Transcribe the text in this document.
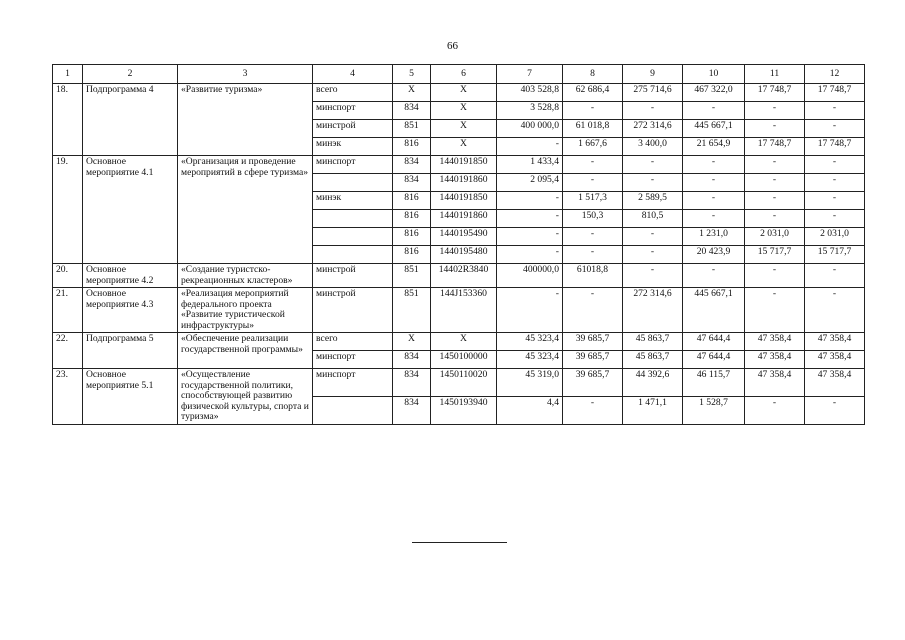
66
1	2	3	4	5	6	7	8	9	10	11	12
18.	Подпрограмма 4	«Развитие туризма»	всего	X	X	403 528,8	62 686,4	275 714,6	467 322,0	17 748,7	17 748,7
			минспорт	834	X	3 528,8	-	-	-	-	-
			минстрой	851	X	400 000,0	61 018,8	272 314,6	445 667,1	-	-
			минэк	816	X	-	1 667,6	3 400,0	21 654,9	17 748,7	17 748,7
19.	Основное мероприятие 4.1	«Организация и проведение мероприятий в сфере туризма»	минспорт	834	1440191850	1 433,4	-	-	-	-	-
				834	1440191860	2 095,4	-	-	-	-	-
			минэк	816	1440191850	-	1 517,3	2 589,5	-	-	-
				816	1440191860	-	150,3	810,5	-	-	-
				816	1440195490	-	-	-	1 231,0	2 031,0	2 031,0
				816	1440195480	-	-	-	20 423,9	15 717,7	15 717,7
20.	Основное мероприятие 4.2	«Создание туристско-рекреационных кластеров»	минстрой	851	14402R3840	400000,0	61018,8	-	-	-	-
21.	Основное мероприятие 4.3	«Реализация мероприятий федерального проекта «Развитие туристической инфраструктуры»	минстрой	851	144J153360	-	-	272 314,6	445 667,1	-	-
22.	Подпрограмма 5	«Обеспечение реализации государственной программы»	всего	X	X	45 323,4	39 685,7	45 863,7	47 644,4	47 358,4	47 358,4
			минспорт	834	1450100000	45 323,4	39 685,7	45 863,7	47 644,4	47 358,4	47 358,4
23.	Основное мероприятие 5.1	«Осуществление государственной политики, способствующей развитию физической культуры, спорта и туризма»	минспорт	834	1450110020	45 319,0	39 685,7	44 392,6	46 115,7	47 358,4	47 358,4
				834	1450193940	4,4	-	1 471,1	1 528,7	-	-
